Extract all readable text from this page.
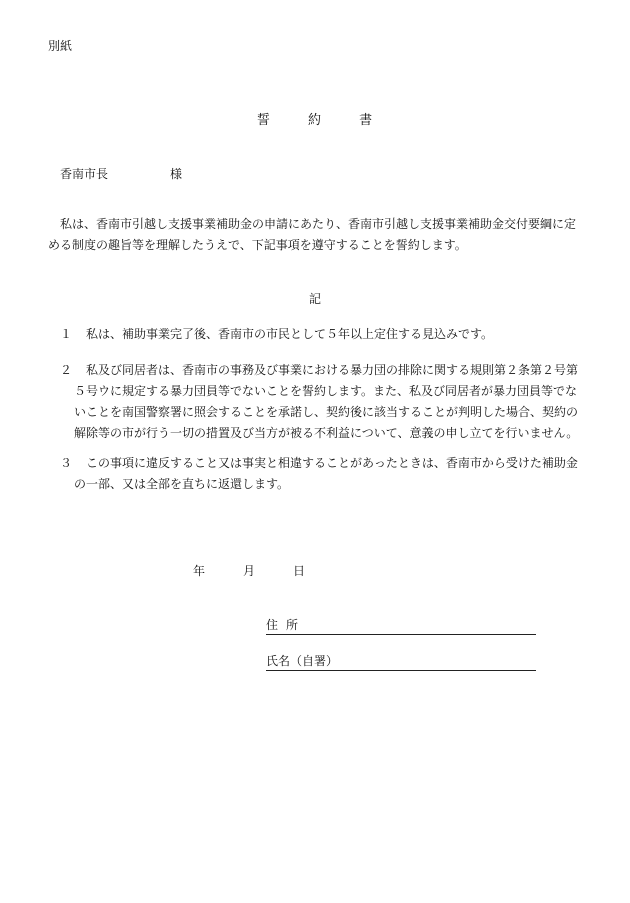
別紙
誓	約	書
香南市長	様
私は、香南市引越し支援事業補助金の申請にあたり、香南市引越し支援事業補助金交付要綱に定
める制度の趣旨等を理解したうえで、下記事項を遵守することを誓約します。
記
１	私は、補助事業完了後、香南市の市民として５年以上定住する見込みです。
２	私及び同居者は、香南市の事務及び事業における暴力団の排除に関する規則第２条第２号第
５号ウに規定する暴力団員等でないことを誓約します。また、私及び同居者が暴力団員等でな
いことを南国警察署に照会することを承諾し、契約後に該当することが判明した場合、契約の
解除等の市が行う一切の措置及び当方が被る不利益について、意義の申し立てを行いません。
３	この事項に違反すること又は事実と相違することがあったときは、香南市から受けた補助金
の一部、又は全部を直ちに返還します。
年	月	日
住所
氏名（自署）
